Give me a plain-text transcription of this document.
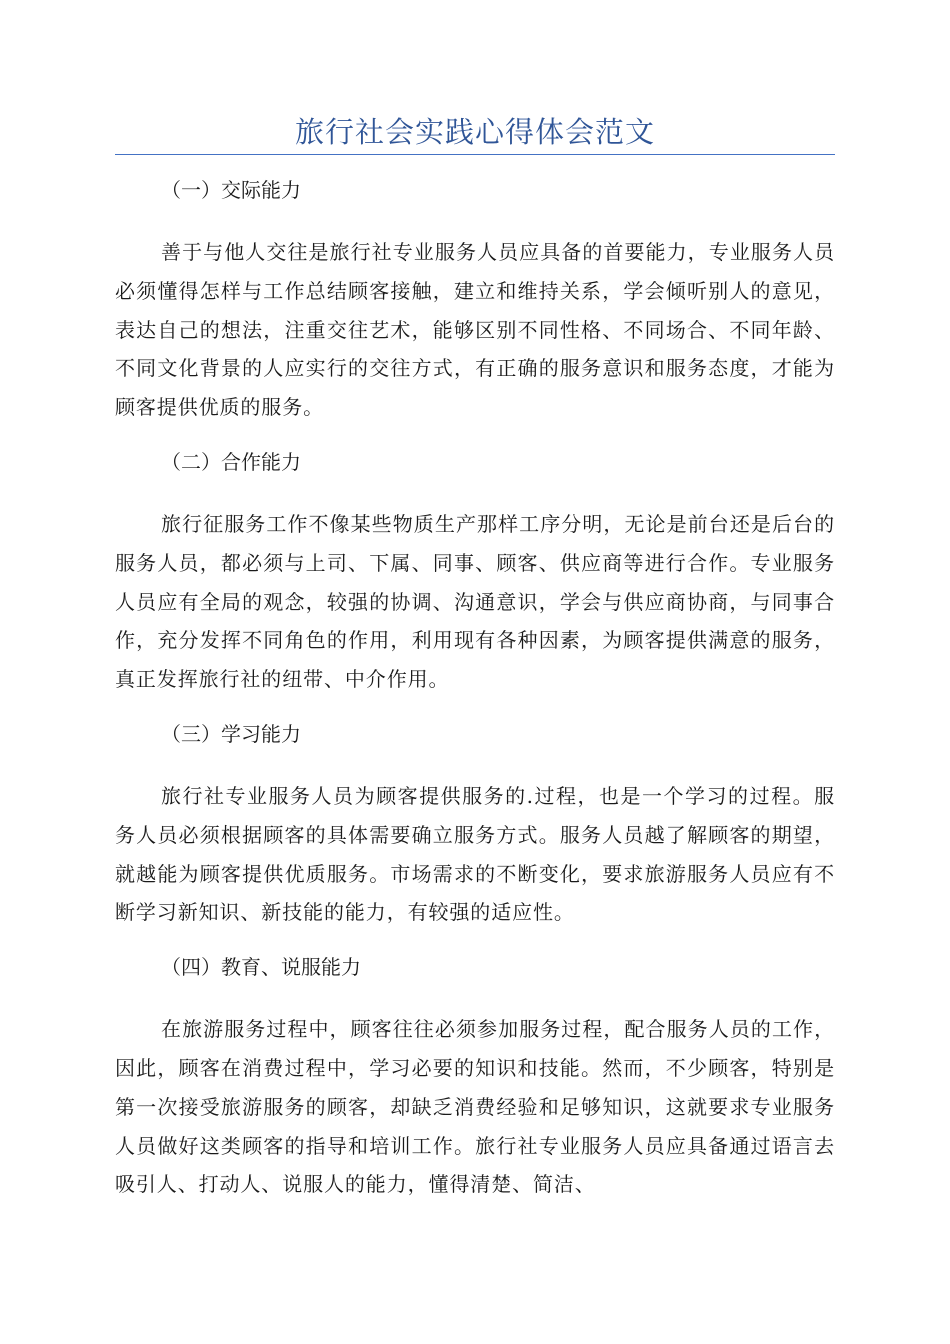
旅行社会实践心得体会范文
（一）交际能力

善于与他人交往是旅行社专业服务人员应具备的首要能力，专业服务人员必须懂得怎样与工作总结顾客接触，建立和维持关系，学会倾听别人的意见，表达自己的想法，注重交往艺术，能够区别不同性格、不同场合、不同年龄、不同文化背景的人应实行的交往方式，有正确的服务意识和服务态度，才能为顾客提供优质的服务。

（二）合作能力

旅行征服务工作不像某些物质生产那样工序分明，无论是前台还是后台的服务人员，都必须与上司、下属、同事、顾客、供应商等进行合作。专业服务人员应有全局的观念，较强的协调、沟通意识，学会与供应商协商，与同事合作，充分发挥不同角色的作用，利用现有各种因素，为顾客提供满意的服务，真正发挥旅行社的纽带、中介作用。

（三）学习能力

旅行社专业服务人员为顾客提供服务的.过程，也是一个学习的过程。服务人员必须根据顾客的具体需要确立服务方式。服务人员越了解顾客的期望，就越能为顾客提供优质服务。市场需求的不断变化，要求旅游服务人员应有不断学习新知识、新技能的能力，有较强的适应性。

（四）教育、说服能力

在旅游服务过程中，顾客往往必须参加服务过程，配合服务人员的工作，因此，顾客在消费过程中，学习必要的知识和技能。然而，不少顾客，特别是第一次接受旅游服务的顾客，却缺乏消费经验和足够知识，这就要求专业服务人员做好这类顾客的指导和培训工作。旅行社专业服务人员应具备通过语言去吸引人、打动人、说服人的能力，懂得清楚、简洁、
